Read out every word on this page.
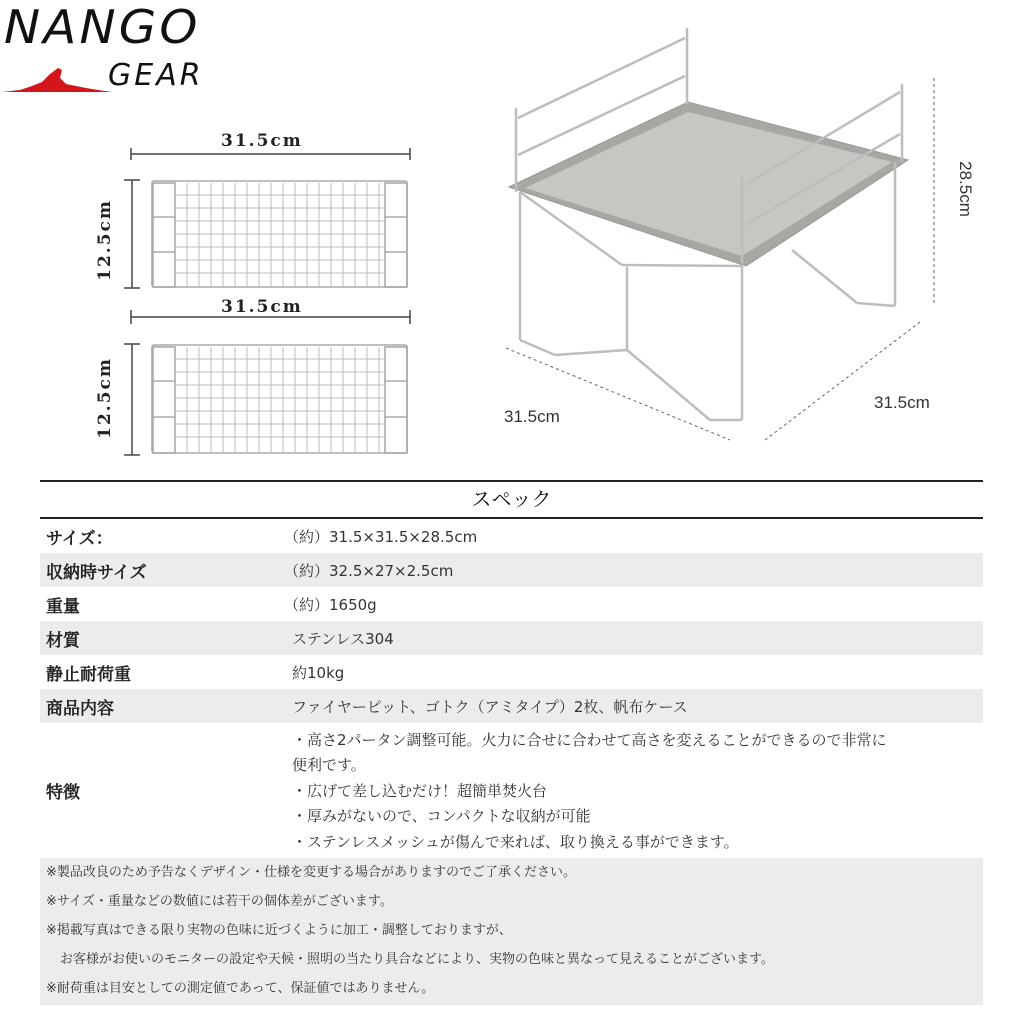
NANGO
GEAR
31.5cm
12.5cm
31.5cm
12.5cm	31.5cm
31.5cm
28.5cm
スペック
サイズ：	（約）31.5×31.5×28.5cm
収納時サイズ	（約）32.5×27×2.5cm
重量	（約）1650g
材質	ステンレス304
静止耐荷重	約10kg
商品内容	ファイヤーピット、ゴトク（アミタイプ）2枚、帆布ケース
特徴
・高さ2パータン調整可能。火力に合せに合わせて高さを変えることができるので非常に
便利です。
・広げて差し込むだけ！超簡単焚火台
・厚みがないので、コンパクトな収納が可能
・ステンレスメッシュが傷んで来れば、取り換える事ができます。
※製品改良のため予告なくデザイン・仕様を変更する場合がありますのでご了承ください。
※サイズ・重量などの数値には若干の個体差がございます。
※掲載写真はできる限り実物の色味に近づくように加工・調整しておりますが、
お客様がお使いのモニターの設定や天候・照明の当たり具合などにより、実物の色味と異なって見えることがございます。
※耐荷重は目安としての測定値であって、保証値ではありません。
